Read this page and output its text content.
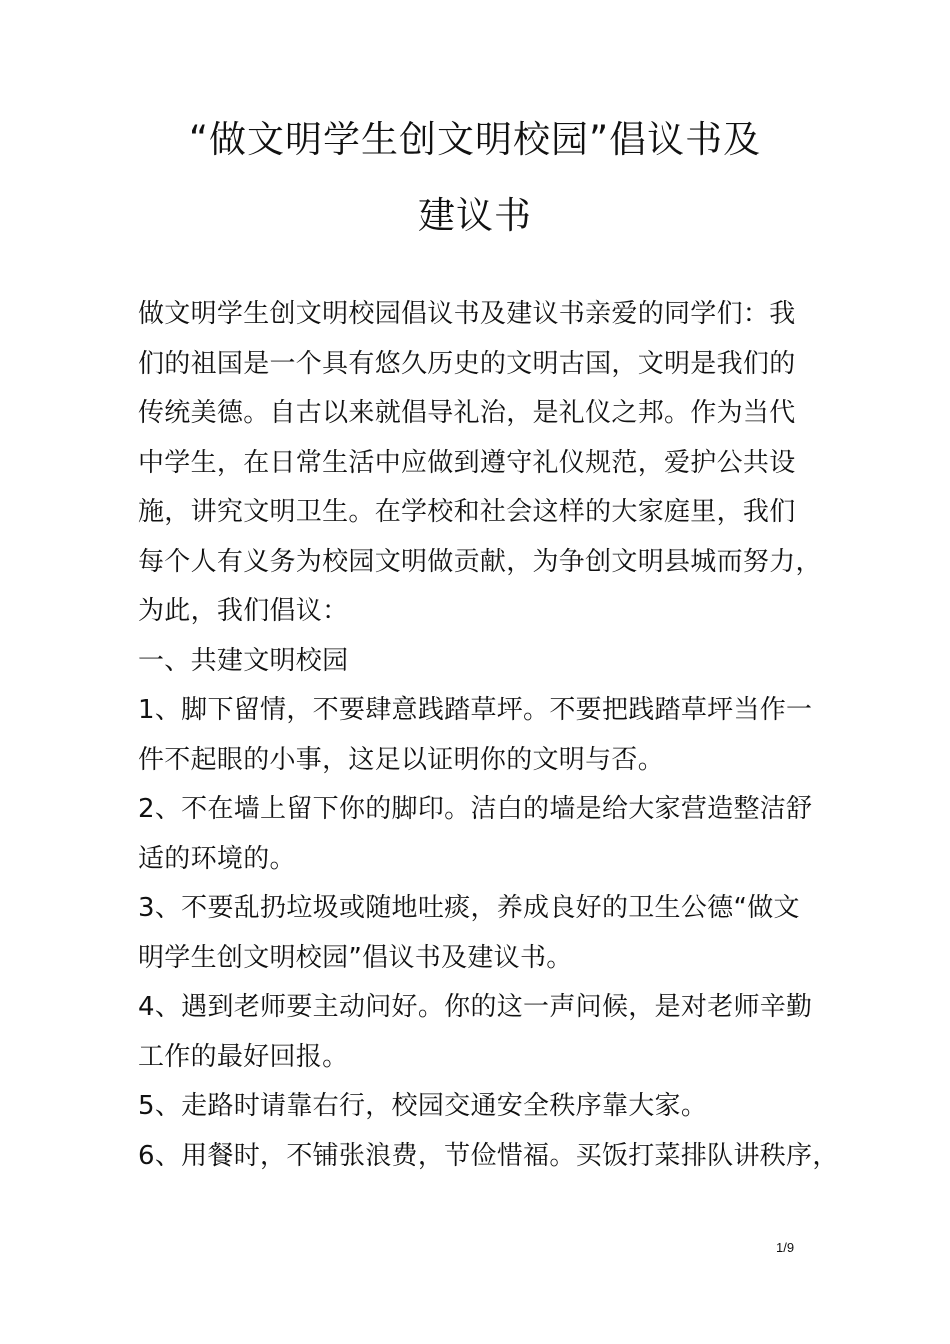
“做文明学生创文明校园”倡议书及
建议书
做文明学生创文明校园倡议书及建议书亲爱的同学们：我
们的祖国是一个具有悠久历史的文明古国，文明是我们的
传统美德。自古以来就倡导礼治，是礼仪之邦。作为当代
中学生，在日常生活中应做到遵守礼仪规范，爱护公共设
施，讲究文明卫生。在学校和社会这样的大家庭里，我们
每个人有义务为校园文明做贡献，为争创文明县城而努力，
为此，我们倡议：
一、共建文明校园
1、脚下留情，不要肆意践踏草坪。不要把践踏草坪当作一
件不起眼的小事，这足以证明你的文明与否。
2、不在墙上留下你的脚印。洁白的墙是给大家营造整洁舒
适的环境的。
3、不要乱扔垃圾或随地吐痰，养成良好的卫生公德“做文
明学生创文明校园”倡议书及建议书。
4、遇到老师要主动问好。你的这一声问候，是对老师辛勤
工作的最好回报。
5、走路时请靠右行，校园交通安全秩序靠大家。
6、用餐时，不铺张浪费，节俭惜福。买饭打菜排队讲秩序，
1/9
